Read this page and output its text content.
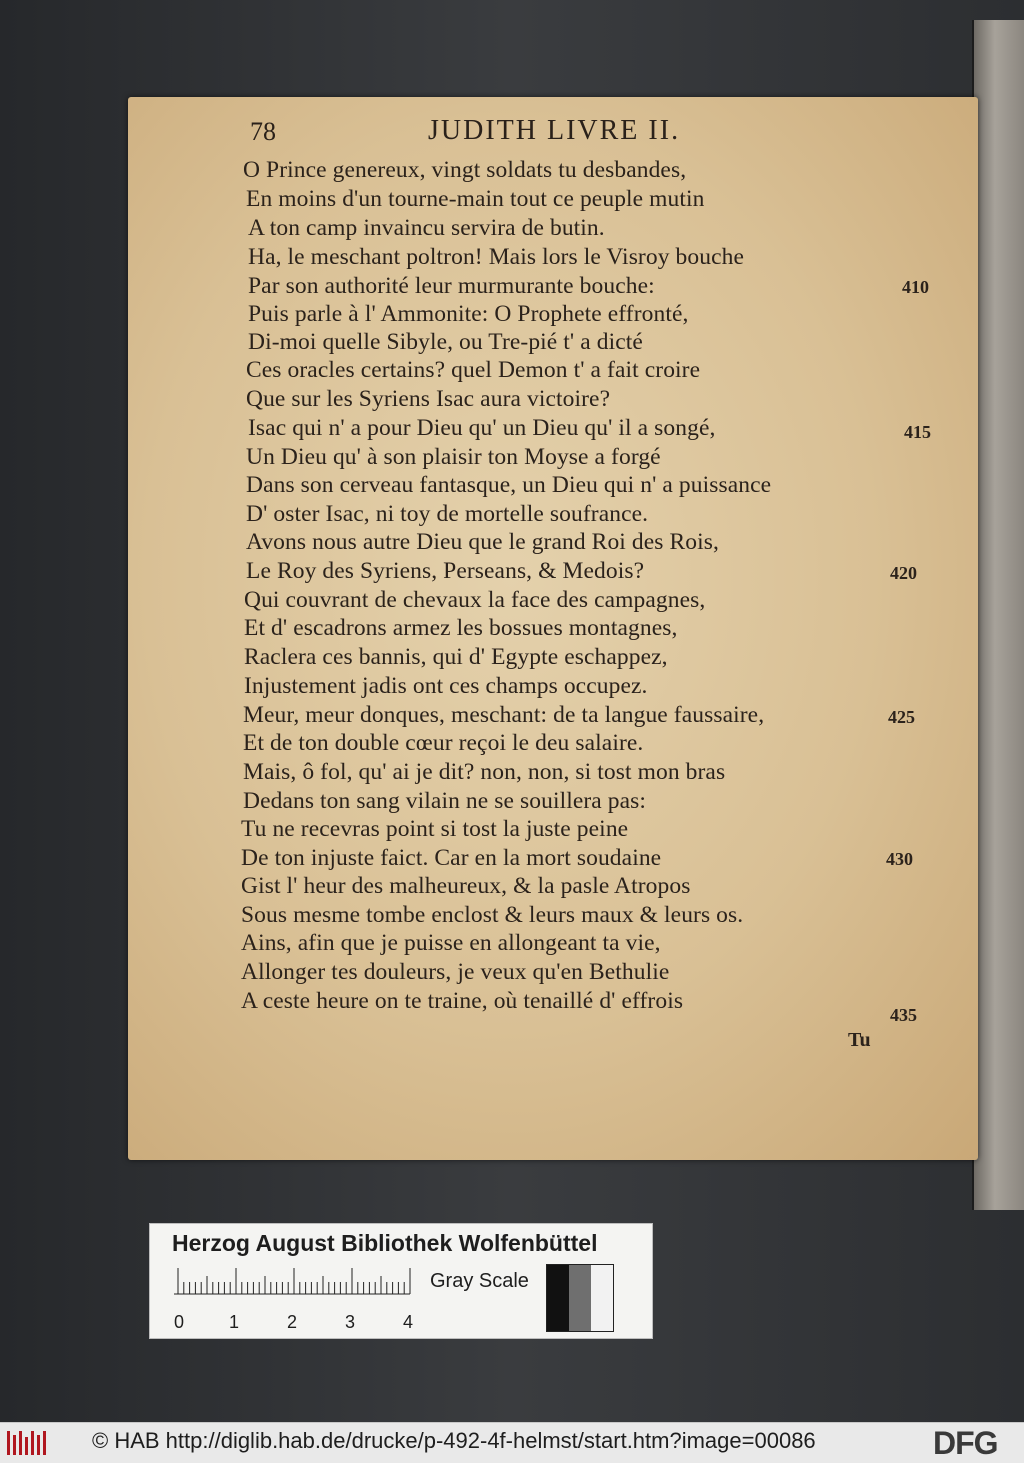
78	JUDITH LIVRE II.
O Prince genereux, vingt soldats tu desbandes,
En moins d'un tourne-main tout ce peuple mutin
A ton camp invaincu servira de butin.
Ha, le meschant poltron! Mais lors le Visroy bouche
Par son authorité leur murmurante bouche:
Puis parle à l' Ammonite: O Prophete effronté,
Di-moi quelle Sibyle, ou Tre-pié t' a dicté
Ces oracles certains? quel Demon t' a fait croire
Que sur les Syriens Isac aura victoire?
Isac qui n' a pour Dieu qu' un Dieu qu' il a songé,
Un Dieu qu' à son plaisir ton Moyse a forgé
Dans son cerveau fantasque, un Dieu qui n' a puissance
D' oster Isac, ni toy de mortelle soufrance.
Avons nous autre Dieu que le grand Roi des Rois,
Le Roy des Syriens, Perseans, & Medois?
Qui couvrant de chevaux la face des campagnes,
Et d' escadrons armez les bossues montagnes,
Raclera ces bannis, qui d' Egypte eschappez,
Injustement jadis ont ces champs occupez.
Meur, meur donques, meschant: de ta langue faussaire,
Et de ton double cœur reçoi le deu salaire.
Mais, ô fol, qu' ai je dit? non, non, si tost mon bras
Dedans ton sang vilain ne se souillera pas:
Tu ne recevras point si tost la juste peine
De ton injuste faict. Car en la mort soudaine
Gist l' heur des malheureux, & la pasle Atropos
Sous mesme tombe enclost & leurs maux & leurs os.
Ains, afin que je puisse en allongeant ta vie,
Allonger tes douleurs, je veux qu'en Bethulie
A ceste heure on te traine, où tenaillé d' effrois
410
415
420
425
430
435
Tu
Herzog August Bibliothek Wolfenbüttel
0 1	2	3	4
Gray Scale
© HAB http://diglib.hab.de/drucke/p-492-4f-helmst/start.htm?image=00086	DFG
